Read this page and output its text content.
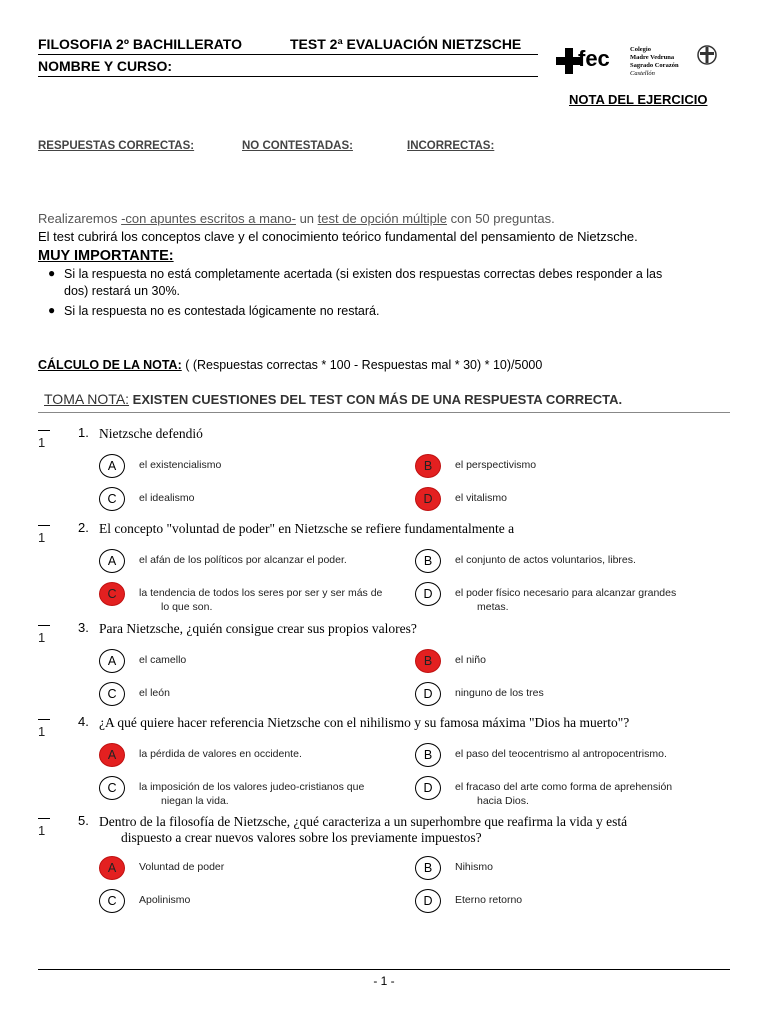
FILOSOFIA 2º BACHILLERATO	TEST 2ª EVALUACIÓN NIETZSCHE
NOMBRE Y CURSO:	fec	Colegio
Madre Vedruna
Sagrado Corazón
Castellón
NOTA DEL EJERCICIO
RESPUESTAS CORRECTAS:	NO CONTESTADAS:	INCORRECTAS:
Realizaremos -con apuntes escritos a mano- un test de opción múltiple con 50 preguntas.
El test cubrirá los conceptos clave y el conocimiento teórico fundamental del pensamiento de Nietzsche.
MUY IMPORTANTE:
● Si la respuesta no está completamente acertada (si existen dos respuestas correctas debes responder a las
dos) restará un 30%.
● Si la respuesta no es contestada lógicamente no restará.
CÁLCULO DE LA NOTA: ( (Respuestas correctas * 100 - Respuestas mal * 30) * 10)/5000
TOMA NOTA: EXISTEN CUESTIONES DEL TEST CON MÁS DE UNA RESPUESTA CORRECTA.
1
1. Nietzsche defendió
A	el existencialismo	B	el perspectivismo
C	el idealismo	D	el vitalismo
1
2. El concepto "voluntad de poder" en Nietzsche se refiere fundamentalmente a
A	el afán de los políticos por alcanzar el poder.	B	el conjunto de actos voluntarios, libres.
C	la tendencia de todos los seres por ser y ser más de
lo que son.
D	el poder físico necesario para alcanzar grandes
metas.
1
3. Para Nietzsche, ¿quién consigue crear sus propios valores?
A	el camello	B	el niño
C	el león	D	ninguno de los tres
1
4. ¿A qué quiere hacer referencia Nietzsche con el nihilismo y su famosa máxima "Dios ha muerto"?
A	la pérdida de valores en occidente.	B	el paso del teocentrismo al antropocentrismo.
C	la imposición de los valores judeo-cristianos que
niegan la vida.
D	el fracaso del arte como forma de aprehensión
hacia Dios.
1
5. Dentro de la filosofía de Nietzsche, ¿qué caracteriza a un superhombre que reafirma la vida y está
dispuesto a crear nuevos valores sobre los previamente impuestos?
A	Voluntad de poder	B	Nihismo
C	Apolinismo	D	Eterno retorno
- 1 -
